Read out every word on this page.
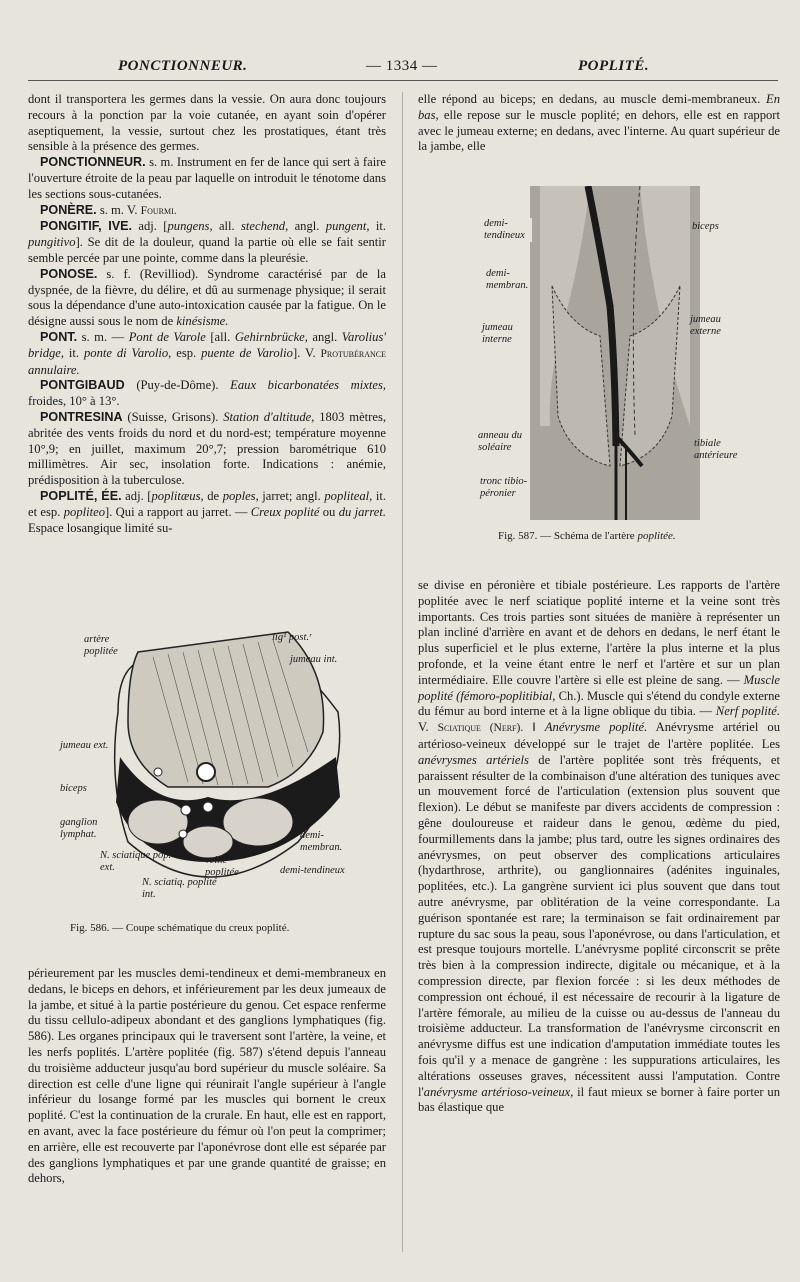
PONCTIONNEUR.	— 1334 —	POPLITÉ.

dont il transportera les germes dans la vessie. On aura donc toujours recours à la ponction par la voie cutanée, en ayant soin d'opérer aseptiquement, la vessie, surtout chez les prostatiques, étant très sensible à la présence des germes.

PONCTIONNEUR. s. m. Instrument en fer de lance qui sert à faire l'ouverture étroite de la peau par laquelle on introduit le ténotome dans les sections sous-cutanées.

PONÈRE. s. m. V. Fourmi.

PONGITIF, IVE. adj. [pungens, all. stechend, angl. pungent, it. pungitivo]. Se dit de la douleur, quand la partie où elle se fait sentir semble percée par une pointe, comme dans la pleurésie.

PONOSE. s. f. (Revilliod). Syndrome caractérisé par de la dyspnée, de la fièvre, du délire, et dû au surmenage physique; il serait sous la dépendance d'une auto-intoxication causée par la fatigue. On le désigne aussi sous le nom de kinésisme.

PONT. s. m. — Pont de Varole [all. Gehirnbrücke, angl. Varolius' bridge, it. ponte di Varolio, esp. puente de Varolio]. V. Protubérance annulaire.

PONTGIBAUD (Puy-de-Dôme). Eaux bicarbonatées mixtes, froides, 10° à 13°.

PONTRESINA (Suisse, Grisons). Station d'altitude, 1803 mètres, abritée des vents froids du nord et du nord-est; température moyenne 10°,9; en juillet, maximum 20°,7; pression barométrique 610 millimètres. Air sec, insolation forte. Indications : anémie, prédisposition à la tuberculose.

POPLITÉ, ÉE. adj. [poplitæus, de poples, jarret; angl. popliteal, it. et esp. popliteo]. Qui a rapport au jarret. — Creux poplité ou du jarret. Espace losangique limité su-

artère poplitée
lig¹ post.ʳ
jumeau int.
jumeau ext.
biceps
ganglion lymphat.
N. sciatique pop. ext.
veine poplitée
N. sciatiq. poplité int.
demi- membran.
demi-tendineux
Fig. 586. — Coupe schématique du creux poplité.

périeurement par les muscles demi-tendineux et demi-membraneux en dedans, le biceps en dehors, et inférieurement par les deux jumeaux de la jambe, et situé à la partie postérieure du genou. Cet espace renferme du tissu cellulo-adipeux abondant et des ganglions lymphatiques (fig. 586). Les organes principaux qui le traversent sont l'artère, la veine, et les nerfs poplités. L'artère poplitée (fig. 587) s'étend depuis l'anneau du troisième adducteur jusqu'au bord supérieur du muscle soléaire. Sa direction est celle d'une ligne qui réunirait l'angle supérieur à l'angle inférieur du losange formé par les muscles qui bornent le creux poplité. C'est la continuation de la crurale. En haut, elle est en rapport, en avant, avec la face postérieure du fémur où l'on peut la comprimer; en arrière, elle est recouverte par l'aponévrose dont elle est séparée par des ganglions lymphatiques et par une grande quantité de graisse; en dehors,

elle répond au biceps; en dedans, au muscle demi-membraneux. En bas, elle repose sur le muscle poplité; en dehors, elle est en rapport avec le jumeau externe; en dedans, avec l'interne. Au quart supérieur de la jambe, elle

demi- tendineux
biceps
demi- membran.
jumeau interne
jumeau externe
anneau du soléaire	tibiale antérieure
tronc tibio-péronier
Fig. 587. — Schéma de l'artère poplitée.

se divise en péronière et tibiale postérieure. Les rapports de l'artère poplitée avec le nerf sciatique poplité interne et la veine sont très importants. Ces trois parties sont situées de manière à représenter un plan incliné d'arrière en avant et de dehors en dedans, le nerf étant le plus superficiel et le plus externe, l'artère la plus interne et la plus profonde, et la veine étant entre le nerf et l'artère et sur un plan intermédiaire. Elle couvre l'artère si elle est pleine de sang. — Muscle poplité (fémoro-poplitibial, Ch.). Muscle qui s'étend du condyle externe du fémur au bord interne et à la ligne oblique du tibia. — Nerf poplité. V. Sciatique (Nerf). ‖ Anévrysme poplité. Anévrysme artériel ou artérioso-veineux développé sur le trajet de l'artère poplitée. Les anévrysmes artériels de l'artère poplitée sont très fréquents, et paraissent résulter de la combinaison d'une altération des tuniques avec un mouvement forcé de l'articulation (extension plus souvent que flexion). Le début se manifeste par divers accidents de compression : gêne douloureuse et raideur dans le genou, œdème du pied, fourmillements dans la jambe; plus tard, outre les signes ordinaires des anévrysmes, on peut observer des complications articulaires (hydarthrose, arthrite), ou ganglionnaires (adénites inguinales, poplitées, etc.). La gangrène survient ici plus souvent que dans tout autre anévrysme, par oblitération de la veine correspondante. La guérison spontanée est rare; la terminaison se fait ordinairement par rupture du sac sous la peau, sous l'aponévrose, ou dans l'articulation, et est presque toujours mortelle. L'anévrysme poplité circonscrit se prête très bien à la compression indirecte, digitale ou mécanique, et à la compression directe, par flexion forcée : si les deux méthodes de compression ont échoué, il est nécessaire de recourir à la ligature de l'artère fémorale, au milieu de la cuisse ou au-dessus de l'anneau du troisième adducteur. La transformation de l'anévrysme circonscrit en anévrysme diffus est une indication d'amputation immédiate toutes les fois qu'il y a menace de gangrène : les suppurations articulaires, les altérations osseuses graves, nécessitent aussi l'amputation. Contre l'anévrysme artérioso-veineux, il faut mieux se borner à faire porter un bas élastique que
